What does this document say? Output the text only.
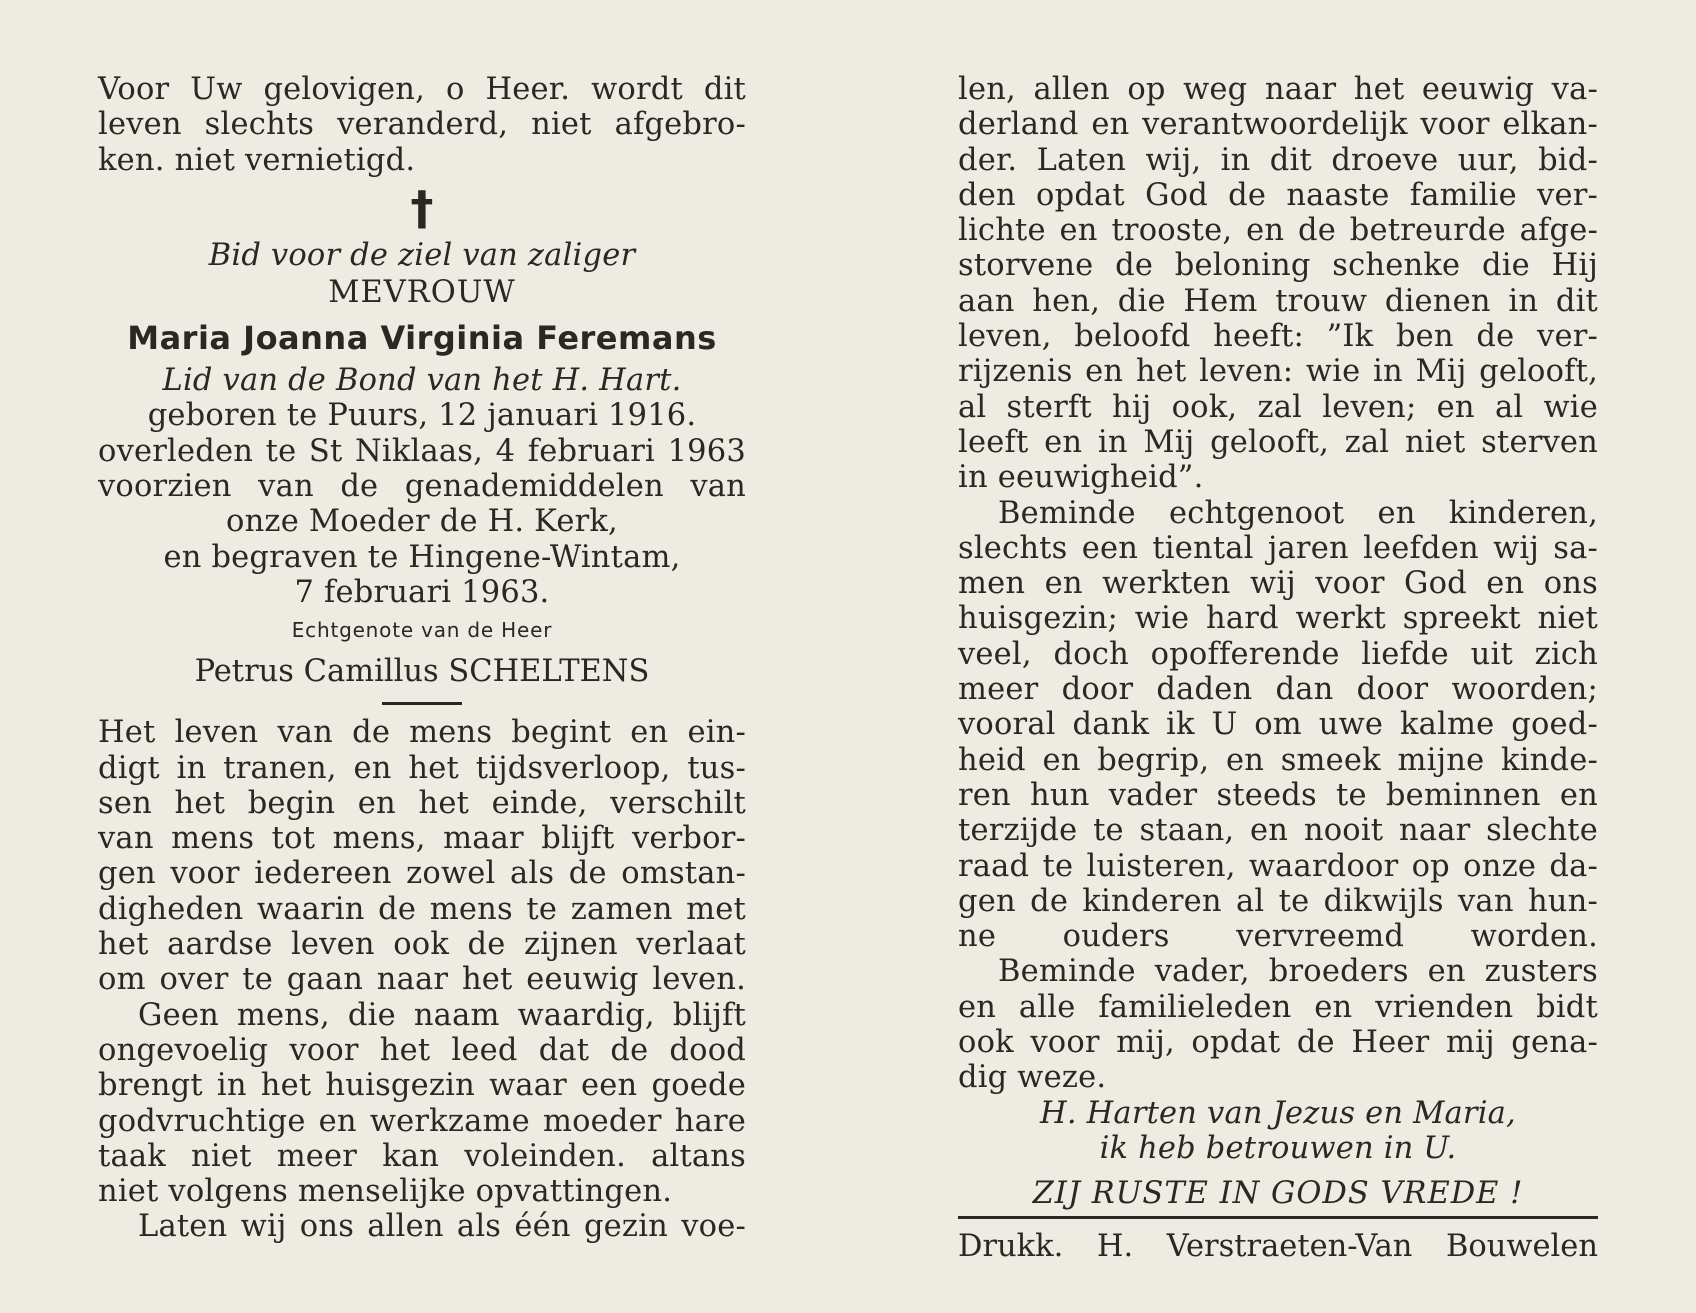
Voor Uw gelovigen, o Heer. wordt dit
leven slechts veranderd, niet afgebro-
ken. niet vernietigd.
†
Bid voor de ziel van zaliger
MEVROUW
Maria Joanna Virginia Feremans
Lid van de Bond van het H. Hart.
geboren te Puurs, 12 januari 1916.
overleden te St Niklaas, 4 februari 1963
voorzien van de genademiddelen van
onze Moeder de H. Kerk,
en begraven te Hingene-Wintam,
7 februari 1963.
Echtgenote van de Heer
Petrus Camillus SCHELTENS
Het leven van de mens begint en ein-
digt in tranen, en het tijdsverloop, tus-
sen het begin en het einde, verschilt
van mens tot mens, maar blijft verbor-
gen voor iedereen zowel als de omstan-
digheden waarin de mens te zamen met
het aardse leven ook de zijnen verlaat
om over te gaan naar het eeuwig leven.
Geen mens, die naam waardig, blijft
ongevoelig voor het leed dat de dood
brengt in het huisgezin waar een goede
godvruchtige en werkzame moeder hare
taak niet meer kan voleinden. altans
niet volgens menselijke opvattingen.
Laten wij ons allen als één gezin voe-
len, allen op weg naar het eeuwig va-
derland en verantwoordelijk voor elkan-
der. Laten wij, in dit droeve uur, bid-
den opdat God de naaste familie ver-
lichte en trooste, en de betreurde afge-
storvene de beloning schenke die Hij
aan hen, die Hem trouw dienen in dit
leven, beloofd heeft: ”Ik ben de ver-
rijzenis en het leven: wie in Mij gelooft,
al sterft hij ook, zal leven; en al wie
leeft en in Mij gelooft, zal niet sterven
in eeuwigheid”.
Beminde echtgenoot en kinderen,
slechts een tiental jaren leefden wij sa-
men en werkten wij voor God en ons
huisgezin; wie hard werkt spreekt niet
veel, doch opofferende liefde uit zich
meer door daden dan door woorden;
vooral dank ik U om uwe kalme goed-
heid en begrip, en smeek mijne kinde-
ren hun vader steeds te beminnen en
terzijde te staan, en nooit naar slechte
raad te luisteren, waardoor op onze da-
gen de kinderen al te dikwijls van hun-
ne ouders vervreemd worden.
Beminde vader, broeders en zusters
en alle familieleden en vrienden bidt
ook voor mij, opdat de Heer mij gena-
dig weze.
H. Harten van Jezus en Maria,
ik heb betrouwen in U.
ZIJ RUSTE IN GODS VREDE !
Drukk. H. Verstraeten-Van Bouwelen
